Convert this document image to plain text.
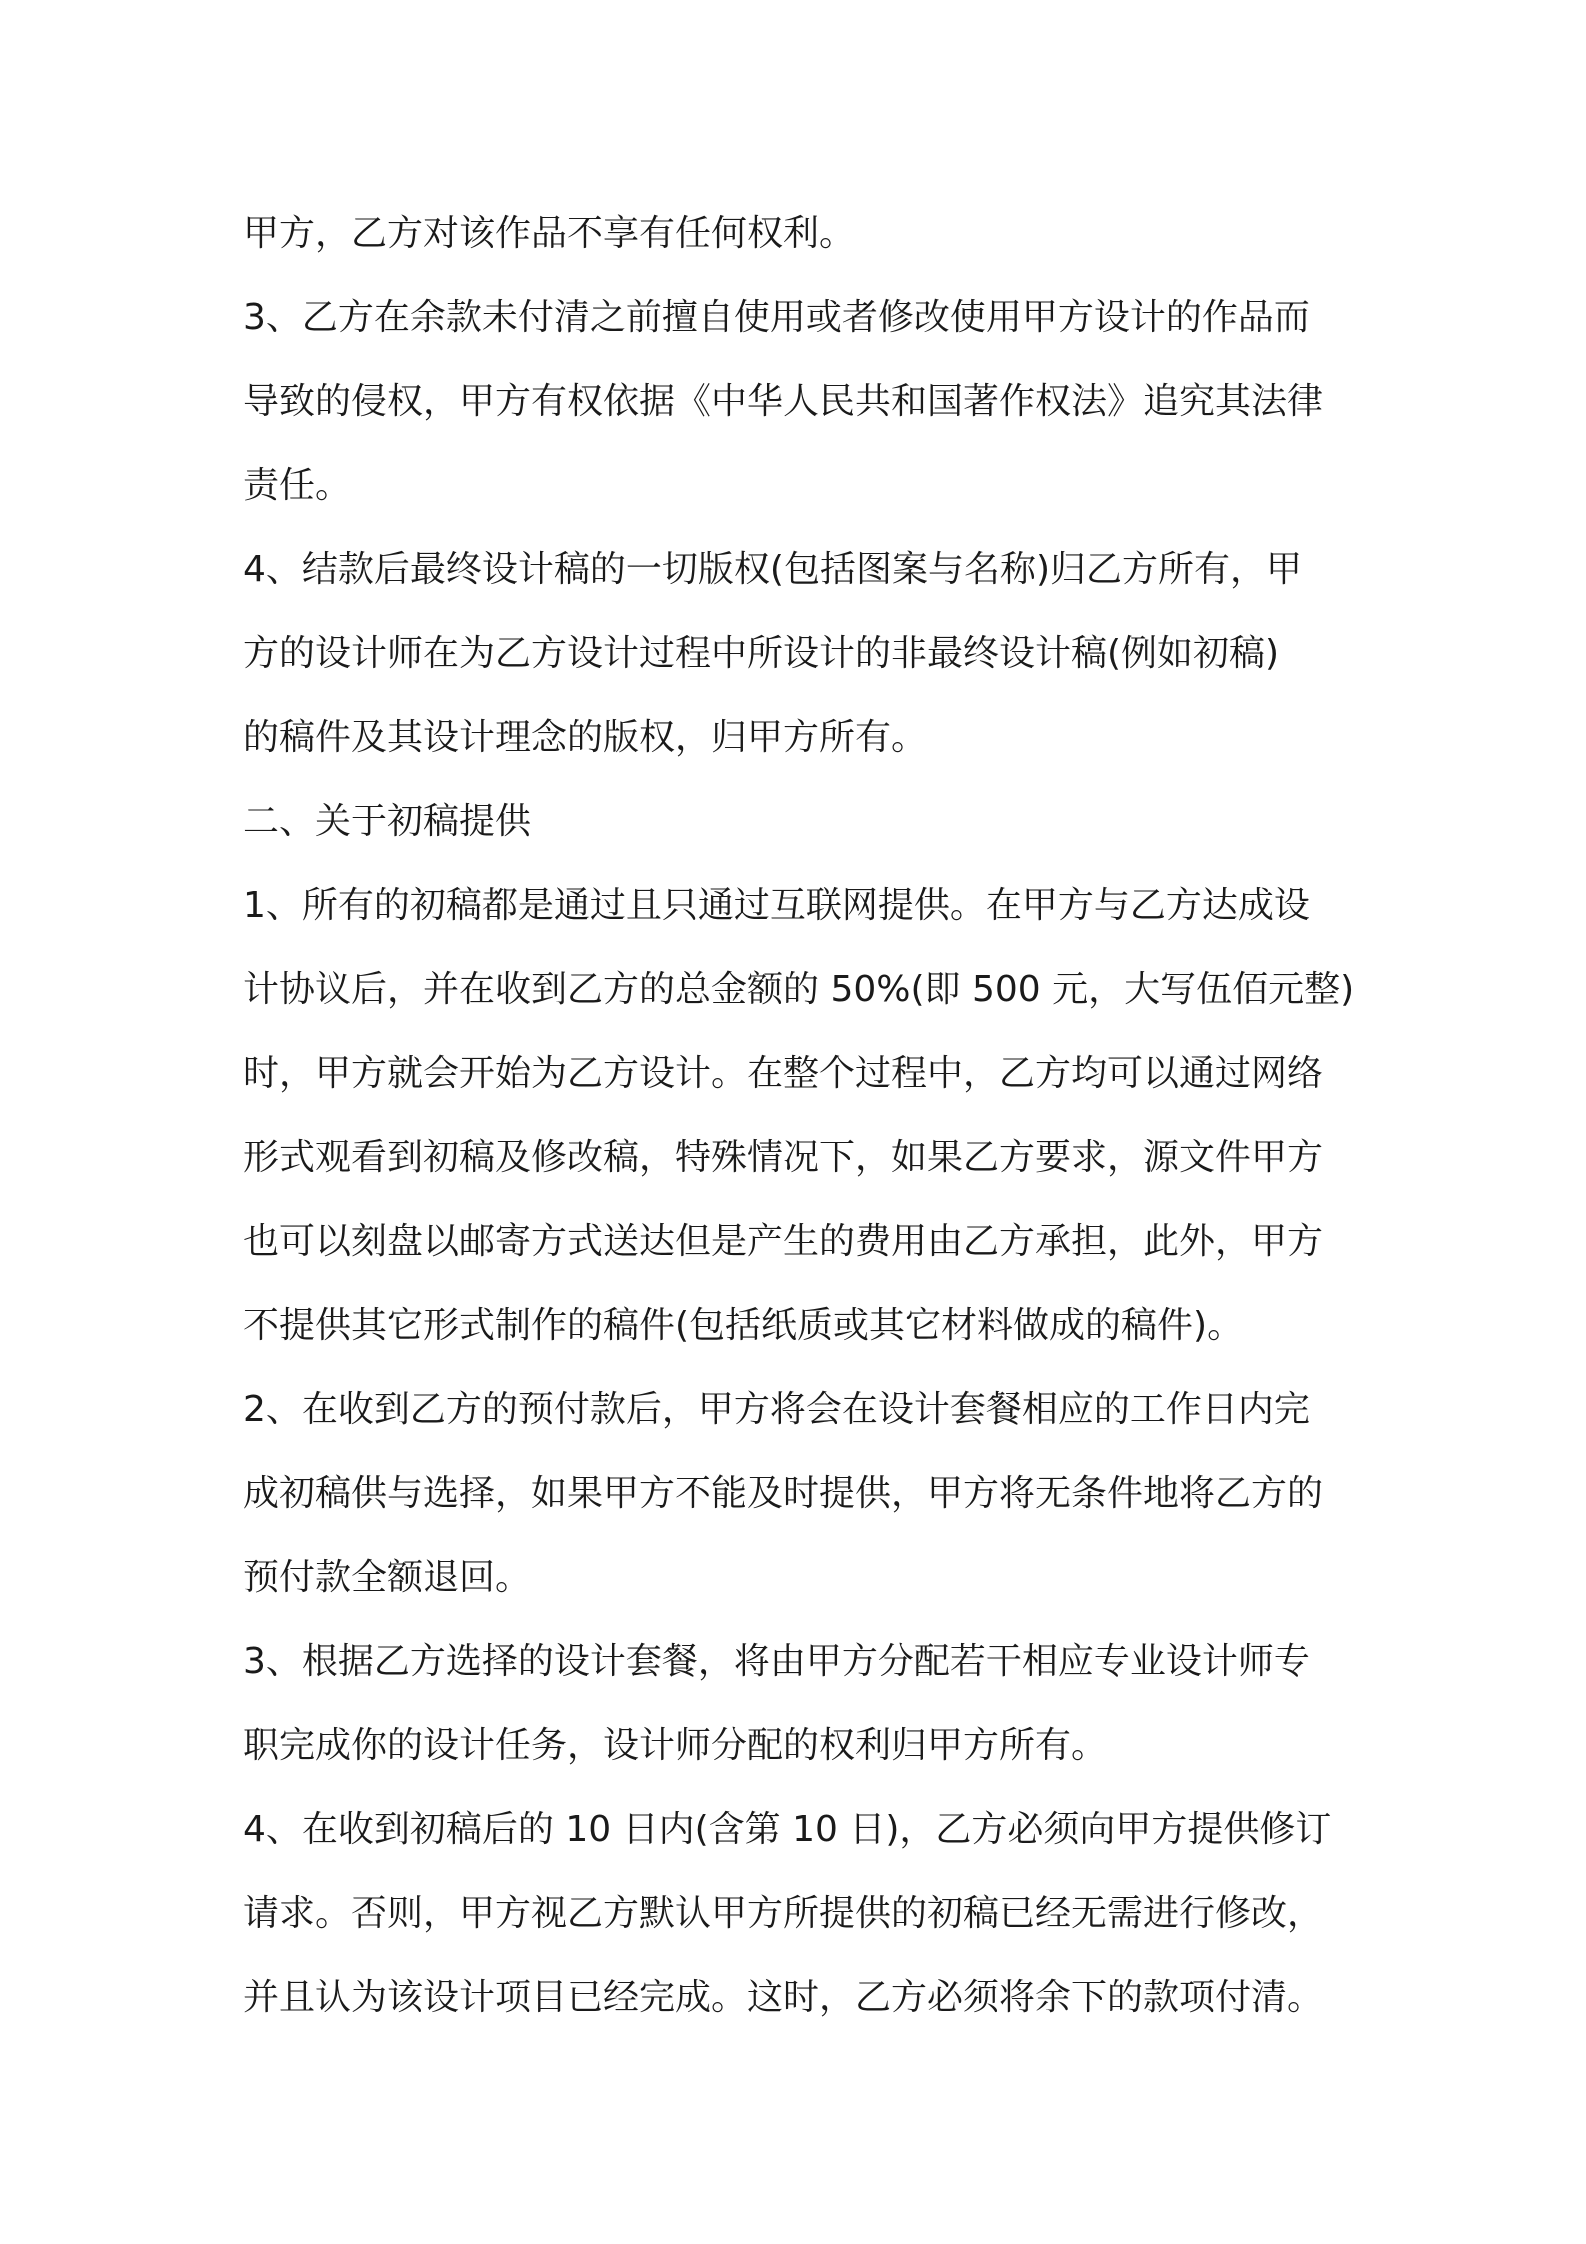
甲方，乙方对该作品不享有任何权利。
3、乙方在余款未付清之前擅自使用或者修改使用甲方设计的作品而
导致的侵权，甲方有权依据《中华人民共和国著作权法》追究其法律
责任。
4、结款后最终设计稿的一切版权(包括图案与名称)归乙方所有，甲
方的设计师在为乙方设计过程中所设计的非最终设计稿(例如初稿)
的稿件及其设计理念的版权，归甲方所有。
二、关于初稿提供
1、所有的初稿都是通过且只通过互联网提供。在甲方与乙方达成设
计协议后，并在收到乙方的总金额的 50%(即 500 元，大写伍佰元整)
时，甲方就会开始为乙方设计。在整个过程中，乙方均可以通过网络
形式观看到初稿及修改稿，特殊情况下，如果乙方要求，源文件甲方
也可以刻盘以邮寄方式送达但是产生的费用由乙方承担，此外，甲方
不提供其它形式制作的稿件(包括纸质或其它材料做成的稿件)。
2、在收到乙方的预付款后，甲方将会在设计套餐相应的工作日内完
成初稿供与选择，如果甲方不能及时提供，甲方将无条件地将乙方的
预付款全额退回。
3、根据乙方选择的设计套餐，将由甲方分配若干相应专业设计师专
职完成你的设计任务，设计师分配的权利归甲方所有。
4、在收到初稿后的 10 日内(含第 10 日)，乙方必须向甲方提供修订
请求。否则，甲方视乙方默认甲方所提供的初稿已经无需进行修改，
并且认为该设计项目已经完成。这时，乙方必须将余下的款项付清。
